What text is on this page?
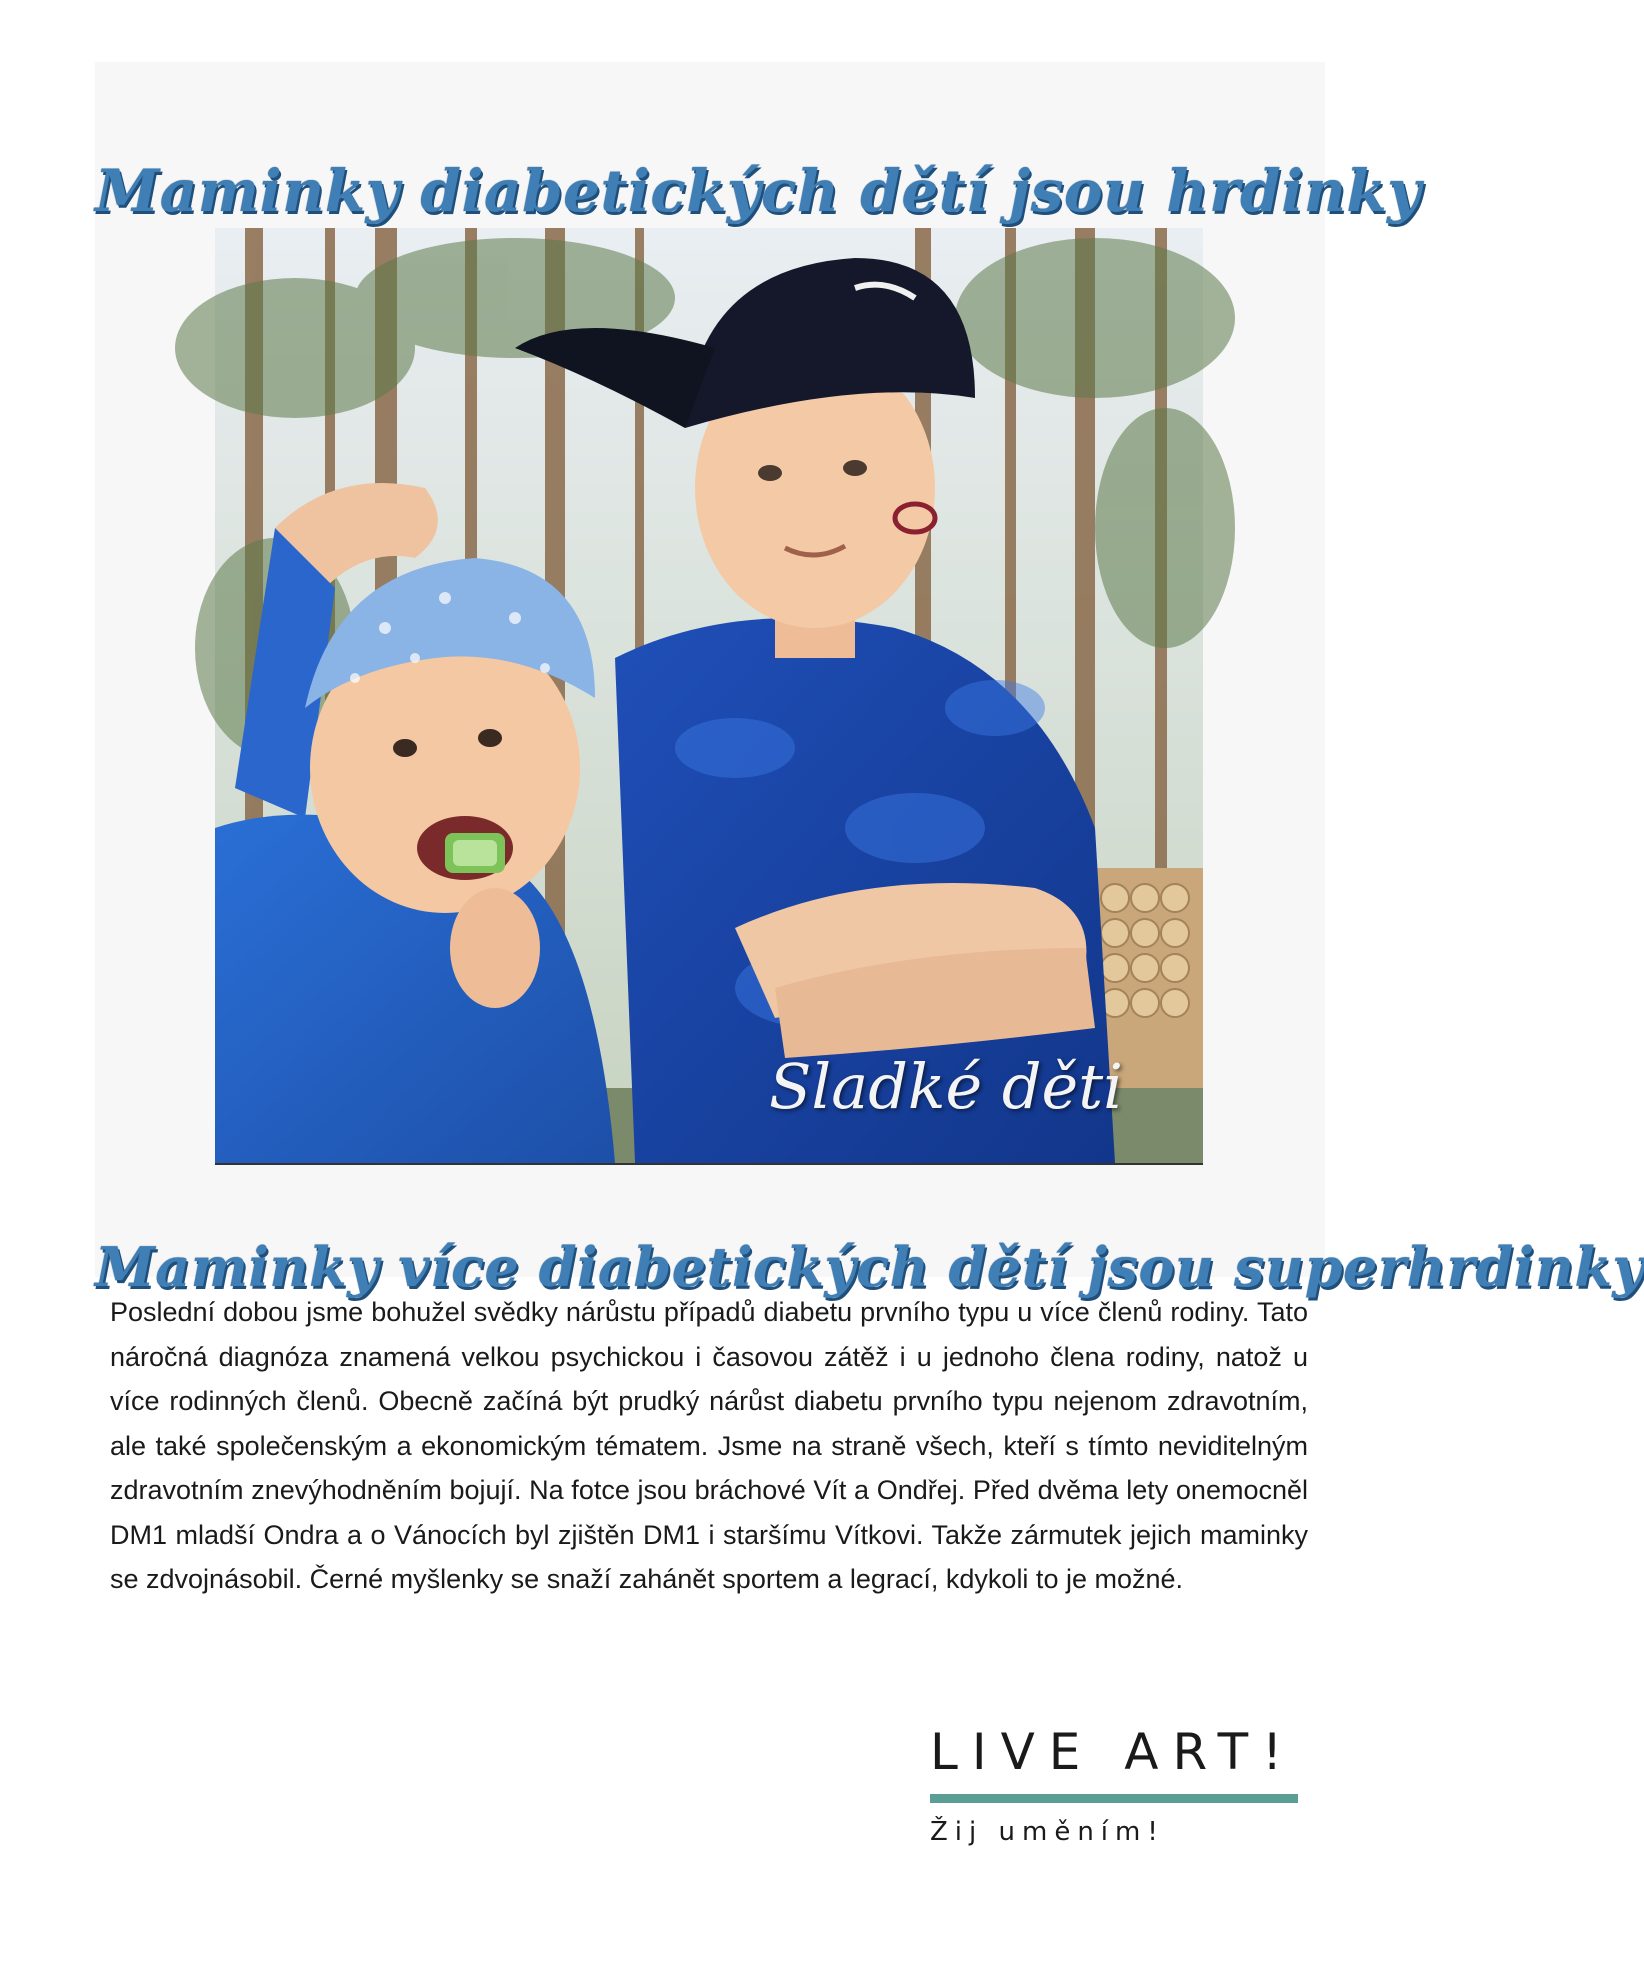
Maminky diabetických dětí jsou hrdinky
Sladké děti
Maminky více diabetických dětí jsou superhrdinky

Poslední dobou jsme bohužel svědky nárůstu případů diabetu prvního typu u více členů rodiny. Tato náročná diagnóza znamená velkou psychickou i časovou zátěž i u jednoho člena rodiny, natož u více rodinných členů. Obecně začíná být prudký nárůst diabetu prvního typu nejenom zdravotním, ale také společenským a ekonomickým tématem. Jsme na straně všech, kteří s tímto neviditelným zdravotním znevýhodněním bojují. Na fotce jsou bráchové Vít a Ondřej. Před dvěma lety onemocněl DM1 mladší Ondra a o Vánocích byl zjištěn DM1 i staršímu Vítkovi. Takže zármutek jejich maminky se zdvojnásobil. Černé myšlenky se snaží zahánět sportem a legrací, kdykoli to je možné.

LIVE ART!
Žij uměním!
